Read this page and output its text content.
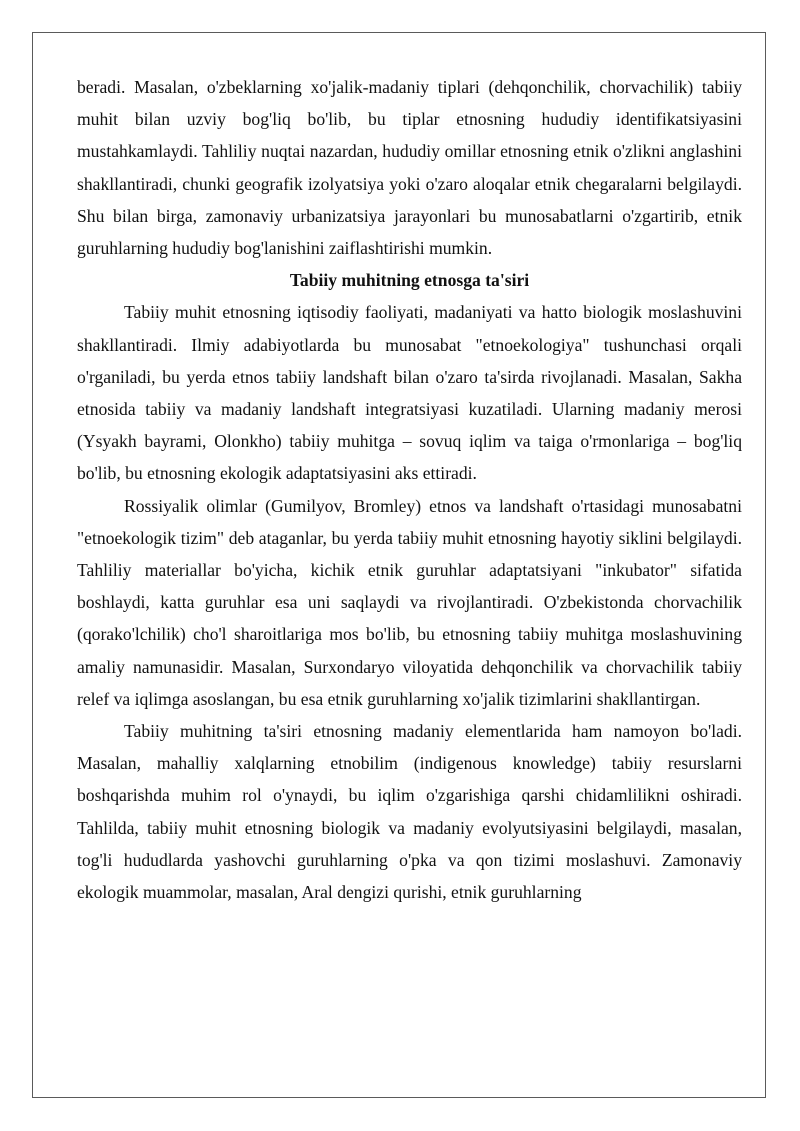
beradi. Masalan, o'zbeklarning xo'jalik-madaniy tiplari (dehqonchilik, chorvachilik) tabiiy muhit bilan uzviy bog'liq bo'lib, bu tiplar etnosning hududiy identifikatsiyasini mustahkamlaydi. Tahliliy nuqtai nazardan, hududiy omillar etnosning etnik o'zlikni anglashini shakllantiradi, chunki geografik izolyatsiya yoki o'zaro aloqalar etnik chegaralarni belgilaydi. Shu bilan birga, zamonaviy urbanizatsiya jarayonlari bu munosabatlarni o'zgartirib, etnik guruhlarning hududiy bog'lanishini zaiflashtirishi mumkin.

Tabiiy muhitning etnosga ta'siri

Tabiiy muhit etnosning iqtisodiy faoliyati, madaniyati va hatto biologik moslashuvini shakllantiradi. Ilmiy adabiyotlarda bu munosabat "etnoekologiya" tushunchasi orqali o'rganiladi, bu yerda etnos tabiiy landshaft bilan o'zaro ta'sirda rivojlanadi. Masalan, Sakha etnosida tabiiy va madaniy landshaft integratsiyasi kuzatiladi. Ularning madaniy merosi (Ysyakh bayrami, Olonkho) tabiiy muhitga – sovuq iqlim va taiga o'rmonlariga – bog'liq bo'lib, bu etnosning ekologik adaptatsiyasini aks ettiradi.

Rossiyalik olimlar (Gumilyov, Bromley) etnos va landshaft o'rtasidagi munosabatni "etnoekologik tizim" deb ataganlar, bu yerda tabiiy muhit etnosning hayotiy siklini belgilaydi. Tahliliy materiallar bo'yicha, kichik etnik guruhlar adaptatsiyani "inkubator" sifatida boshlaydi, katta guruhlar esa uni saqlaydi va rivojlantiradi. O'zbekistonda chorvachilik (qorako'lchilik) cho'l sharoitlariga mos bo'lib, bu etnosning tabiiy muhitga moslashuvining amaliy namunasidir. Masalan, Surxondaryo viloyatida dehqonchilik va chorvachilik tabiiy relef va iqlimga asoslangan, bu esa etnik guruhlarning xo'jalik tizimlarini shakllantirgan.

Tabiiy muhitning ta'siri etnosning madaniy elementlarida ham namoyon bo'ladi. Masalan, mahalliy xalqlarning etnobilim (indigenous knowledge) tabiiy resurslarni boshqarishda muhim rol o'ynaydi, bu iqlim o'zgarishiga qarshi chidamlilikni oshiradi. Tahlilda, tabiiy muhit etnosning biologik va madaniy evolyutsiyasini belgilaydi, masalan, tog'li hududlarda yashovchi guruhlarning o'pka va qon tizimi moslashuvi. Zamonaviy ekologik muammolar, masalan, Aral dengizi qurishi, etnik guruhlarning
